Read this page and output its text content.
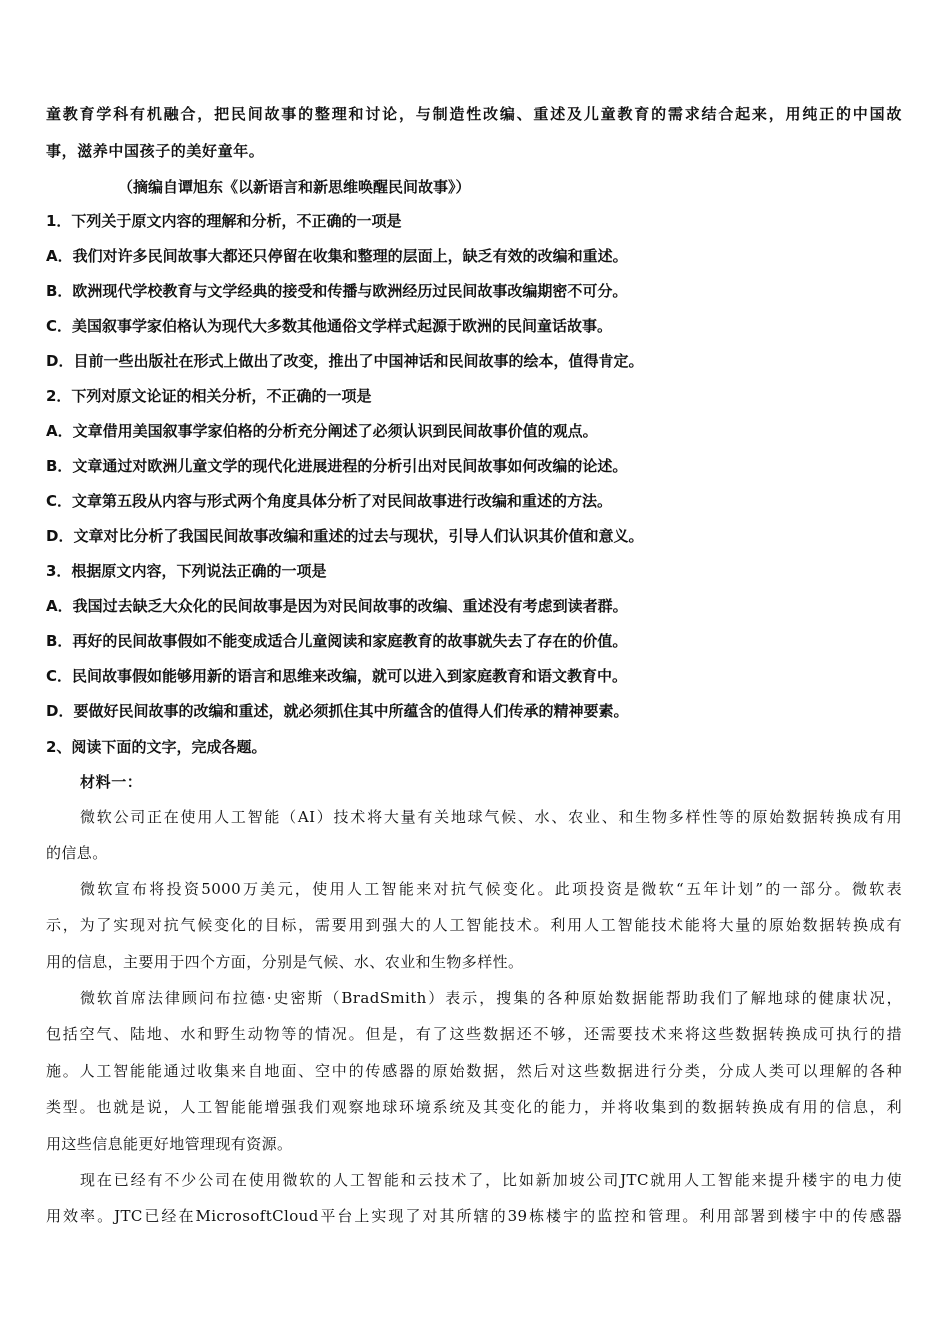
童教育学科有机融合，把民间故事的整理和讨论，与制造性改编、重述及儿童教育的需求结合起来，用纯正的中国故
事，滋养中国孩子的美好童年。
（摘编自谭旭东《以新语言和新思维唤醒民间故事》）
1．下列关于原文内容的理解和分析，不正确的一项是
A．我们对许多民间故事大都还只停留在收集和整理的层面上，缺乏有效的改编和重述。
B．欧洲现代学校教育与文学经典的接受和传播与欧洲经历过民间故事改编期密不可分。
C．美国叙事学家伯格认为现代大多数其他通俗文学样式起源于欧洲的民间童话故事。
D．目前一些出版社在形式上做出了改变，推出了中国神话和民间故事的绘本，值得肯定。
2．下列对原文论证的相关分析，不正确的一项是
A．文章借用美国叙事学家伯格的分析充分阐述了必须认识到民间故事价值的观点。
B．文章通过对欧洲儿童文学的现代化进展进程的分析引出对民间故事如何改编的论述。
C．文章第五段从内容与形式两个角度具体分析了对民间故事进行改编和重述的方法。
D．文章对比分析了我国民间故事改编和重述的过去与现状，引导人们认识其价值和意义。
3．根据原文内容，下列说法正确的一项是
A．我国过去缺乏大众化的民间故事是因为对民间故事的改编、重述没有考虑到读者群。
B．再好的民间故事假如不能变成适合儿童阅读和家庭教育的故事就失去了存在的价值。
C．民间故事假如能够用新的语言和思维来改编，就可以进入到家庭教育和语文教育中。
D．要做好民间故事的改编和重述，就必须抓住其中所蕴含的值得人们传承的精神要素。
2、阅读下面的文字，完成各题。
材料一：
微软公司正在使用人工智能（AI）技术将大量有关地球气候、水、农业、和生物多样性等的原始数据转换成有用
的信息。
微软宣布将投资5000万美元，使用人工智能来对抗气候变化。此项投资是微软“五年计划”的一部分。微软表
示，为了实现对抗气候变化的目标，需要用到强大的人工智能技术。利用人工智能技术能将大量的原始数据转换成有
用的信息，主要用于四个方面，分别是气候、水、农业和生物多样性。
微软首席法律顾问布拉德·史密斯（BradSmith）表示，搜集的各种原始数据能帮助我们了解地球的健康状况，
包括空气、陆地、水和野生动物等的情况。但是，有了这些数据还不够，还需要技术来将这些数据转换成可执行的措
施。人工智能能通过收集来自地面、空中的传感器的原始数据，然后对这些数据进行分类，分成人类可以理解的各种
类型。也就是说，人工智能能增强我们观察地球环境系统及其变化的能力，并将收集到的数据转换成有用的信息，利
用这些信息能更好地管理现有资源。
现在已经有不少公司在使用微软的人工智能和云技术了，比如新加坡公司JTC就用人工智能来提升楼宇的电力使
用效率。JTC已经在MicrosoftCloud平台上实现了对其所辖的39栋楼宇的监控和管理。利用部署到楼宇中的传感器
